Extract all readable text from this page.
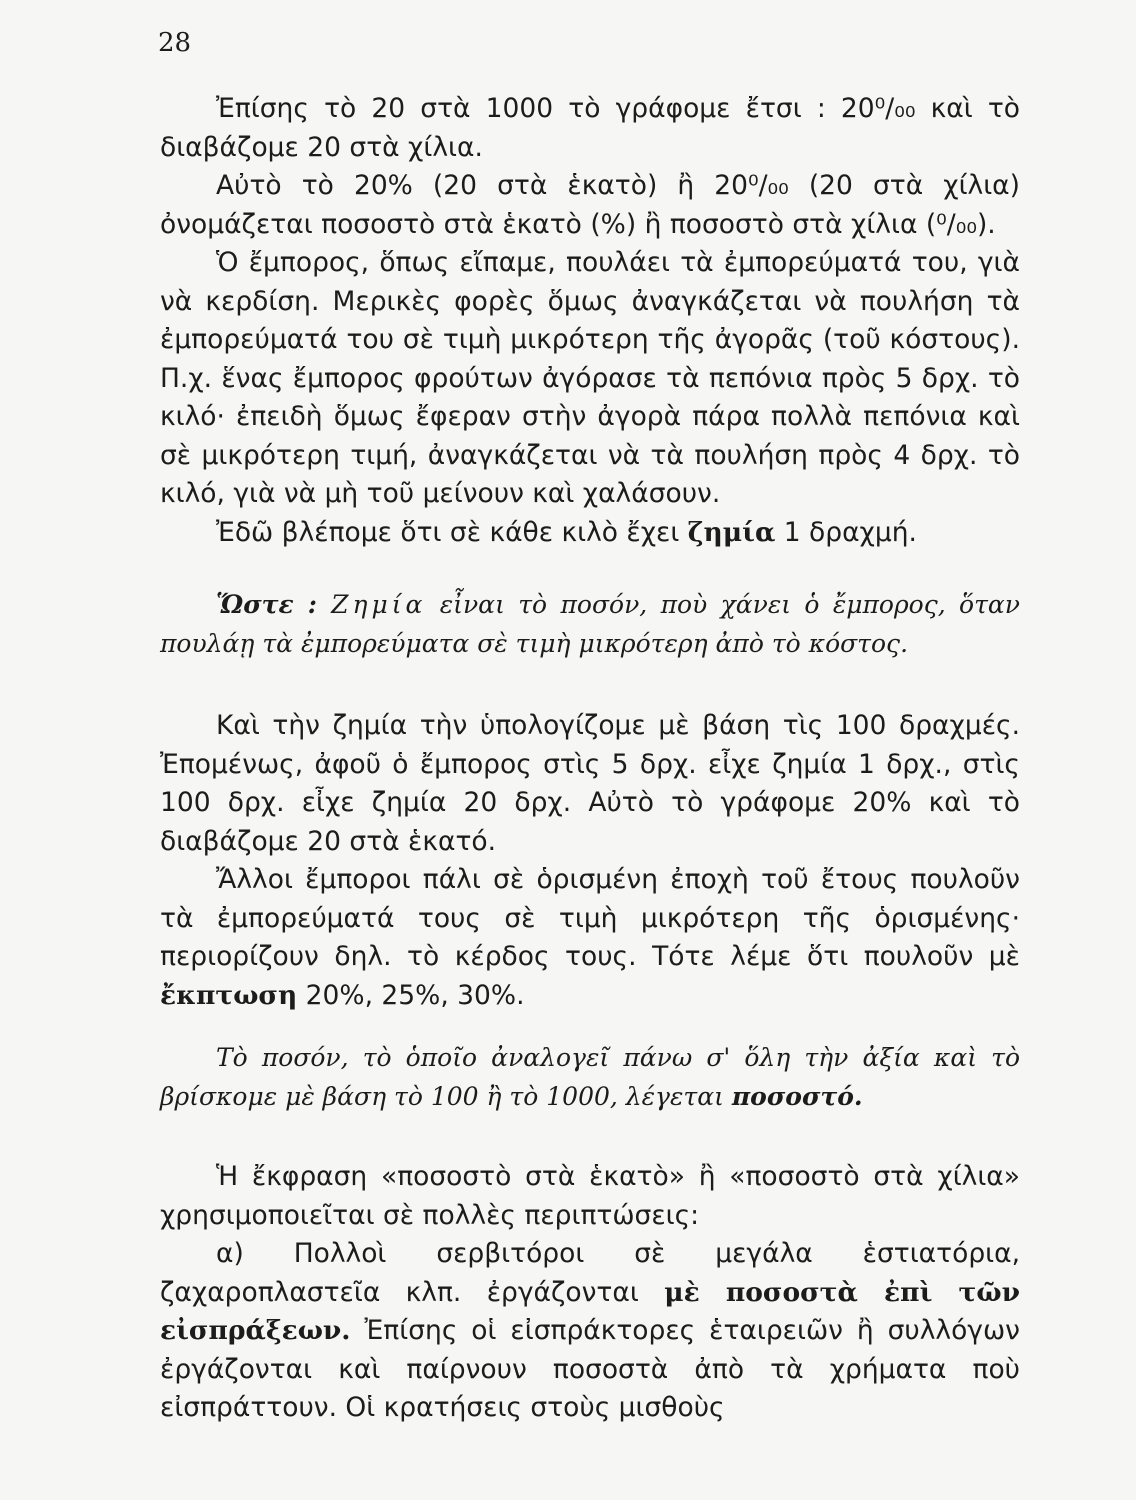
28

Ἐπίσης τὸ 20 στὰ 1000 τὸ γράφομε ἔτσι : 20⁰/₀₀ καὶ τὸ διαβάζομε 20 στὰ χίλια.

Αὐτὸ τὸ 20% (20 στὰ ἑκατὸ) ἢ 20⁰/₀₀ (20 στὰ χίλια) ὀνομάζεται ποσοστὸ στὰ ἑκατὸ (%) ἢ ποσοστὸ στὰ χίλια (⁰/₀₀).

Ὁ ἔμπορος, ὅπως εἴπαμε, πουλάει τὰ ἐμπορεύματά του, γιὰ νὰ κερδίση. Μερικὲς φορὲς ὅμως ἀναγκάζεται νὰ πουλήση τὰ ἐμπορεύματά του σὲ τιμὴ μικρότερη τῆς ἀγορᾶς (τοῦ κόστους). Π.χ. ἕνας ἔμπορος φρούτων ἀγόρασε τὰ πεπόνια πρὸς 5 δρχ. τὸ κιλό· ἐπειδὴ ὅμως ἔφεραν στὴν ἀγορὰ πάρα πολλὰ πεπόνια καὶ σὲ μικρότερη τιμή, ἀναγκάζεται νὰ τὰ πουλήση πρὸς 4 δρχ. τὸ κιλό, γιὰ νὰ μὴ τοῦ μείνουν καὶ χαλάσουν.

Ἐδῶ βλέπομε ὅτι σὲ κάθε κιλὸ ἔχει ζημία 1 δραχμή.

Ὥστε : Ζημία εἶναι τὸ ποσόν, ποὺ χάνει ὁ ἔμπορος, ὅταν πουλάῃ τὰ ἐμπορεύματα σὲ τιμὴ μικρότερη ἀπὸ τὸ κόστος.

Καὶ τὴν ζημία τὴν ὑπολογίζομε μὲ βάση τὶς 100 δραχμές. Ἐπομένως, ἀφοῦ ὁ ἔμπορος στὶς 5 δρχ. εἶχε ζημία 1 δρχ., στὶς 100 δρχ. εἶχε ζημία 20 δρχ. Αὐτὸ τὸ γράφομε 20% καὶ τὸ διαβάζομε 20 στὰ ἑκατό.

Ἄλλοι ἔμποροι πάλι σὲ ὁρισμένη ἐποχὴ τοῦ ἔτους πουλοῦν τὰ ἐμπορεύματά τους σὲ τιμὴ μικρότερη τῆς ὁρισμένης· περιορίζουν δηλ. τὸ κέρδος τους. Τότε λέμε ὅτι πουλοῦν μὲ ἔκπτωση 20%, 25%, 30%.

Τὸ ποσόν, τὸ ὁποῖο ἀναλογεῖ πάνω σ' ὅλη τὴν ἀξία καὶ τὸ βρίσκομε μὲ βάση τὸ 100 ἢ τὸ 1000, λέγεται ποσοστό.

Ἡ ἔκφραση «ποσοστὸ στὰ ἑκατὸ» ἢ «ποσοστὸ στὰ χίλια» χρησιμοποιεῖται σὲ πολλὲς περιπτώσεις:

α) Πολλοὶ σερβιτόροι σὲ μεγάλα ἑστιατόρια, ζαχαροπλαστεῖα κλπ. ἐργάζονται μὲ ποσοστὰ ἐπὶ τῶν εἰσπράξεων. Ἐπίσης οἱ εἰσπράκτορες ἑταιρειῶν ἢ συλλόγων ἐργάζονται καὶ παίρνουν ποσοστὰ ἀπὸ τὰ χρήματα ποὺ εἰσπράττουν. Οἱ κρατήσεις στοὺς μισθοὺς
